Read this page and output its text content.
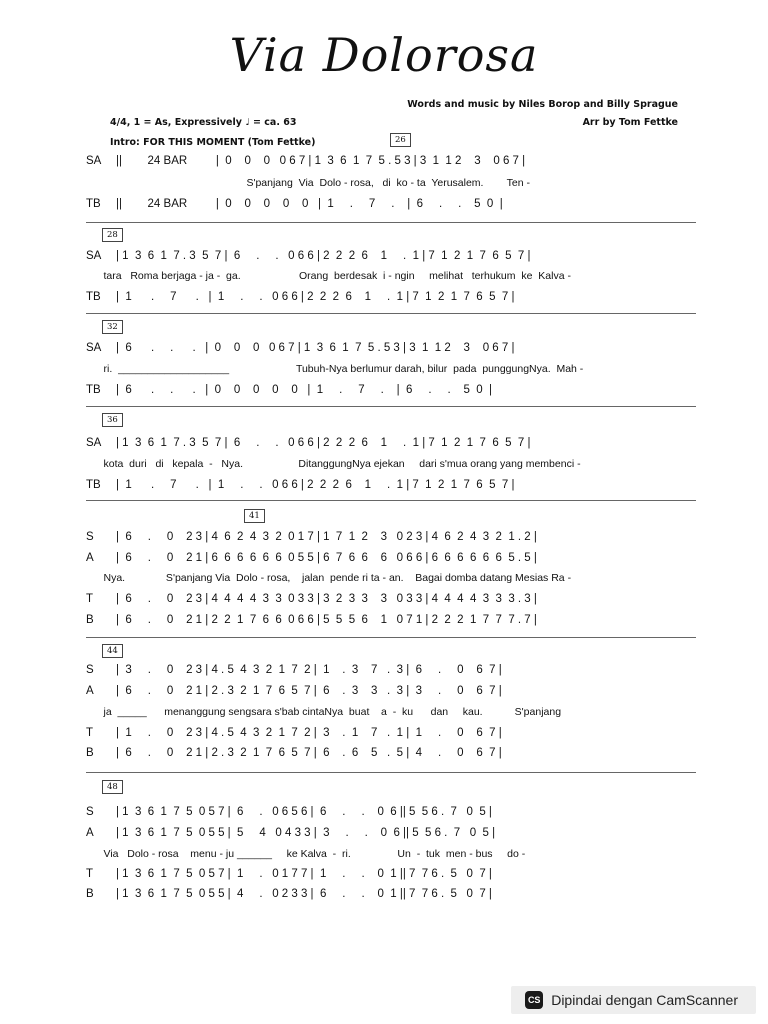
Via Dolorosa
Words and music by Niles Borop and Billy Sprague
4/4, 1 = As, Expressively ♩ = ca. 63	Arr by Tom Fettke
Intro: FOR THIS MOMENT (Tom Fettke)	26
SA ||        24 BAR         |  0    0    0   0 6 7 | 1  3  6  1  7  5 . 5 3 | 3  1  1 2    3    0 6 7 |
S'panjang  Via  Dolo - rosa,   di  ko - ta  Yerusalem.        Ten -
TB ||        24 BAR         |  0    0    0    0    0   |  1     .     7     .    |  6     .     .    5  0  |
28
SA | 1  3  6  1  7 . 3  5  7 |  6     .     .   0 6 6 | 2  2  2  6    1     .  1 | 7  1  2  1  7  6  5  7 |
tara   Roma berjaga - ja -  ga.                    Orang  berdesak  i - ngin     melihat   terhukum  ke  Kalva -
TB |  1      .     7      .   |  1     .     .   0 6 6 | 2  2  2  6    1     .  1 | 7  1  2  1  7  6  5  7 |
32
SA |  6      .     .      .   |  0    0    0   0 6 7 | 1  3  6  1  7  5 . 5 3 | 3  1  1 2    3    0 6 7 |
ri.  ___________________                       Tubuh-Nya berlumur darah, bilur  pada  punggungNya.  Mah -
TB |  6      .     .      .   |  0    0    0    0    0   |  1     .     7     .    |  6     .     .    5  0  |
36
SA | 1  3  6  1  7 . 3  5  7 |  6     .     .   0 6 6 | 2  2  2  6    1     .  1 | 7  1  2  1  7  6  5  7 |
kota  duri   di   kepala  -   Nya.                   DitanggungNya ejekan     dari s'mua orang yang membenci -
TB |  1      .     7      .   |  1     .     .   0 6 6 | 2  2  2  6    1     .  1 | 7  1  2  1  7  6  5  7 |
41
S |  6     .     0    2 3 | 4  6  2  4  3  2  0 1 7 | 1  7  1  2    3   0 2 3 | 4  6  2  4  3  2  1 . 2 |
A |  6     .     0    2 1 | 6  6  6  6  6  6  0 5 5 | 6  7  6  6    6   0 6 6 | 6  6  6  6  6  6  5 . 5 |
Nya.              S'panjang Via  Dolo - rosa,    jalan  pende ri ta - an.    Bagai domba datang Mesias Ra -
T |  6     .     0    2 3 | 4  4  4  4  3  3  0 3 3 | 3  2  3  3    3   0 3 3 | 4  4  4  4  3  3  3 . 3 |
B |  6     .     0    2 1 | 2  2  1  7  6  6  0 6 6 | 5  5  5  6    1   0 7 1 | 2  2  2  1  7  7  7 . 7 |
44
S |  3     .     0    2 3 | 4 . 5  4  3  2  1  7  2 |  1    .  3    7   .  3 |  6     .     0    6  7 |
A |  6     .     0    2 1 | 2 . 3  2  1  7  6  5  7 |  6    .  3    3   .  3 |  3     .     0    6  7 |
ja  _____      menanggung sengsara s'bab cintaNya  buat    a  -  ku      dan     kau.           S'panjang
T |  1     .     0    2 3 | 4 . 5  4  3  2  1  7  2 |  3    .  1    7   .  1 |  1     .     0    6  7 |
B |  6     .     0    2 1 | 2 . 3  2  1  7  6  5  7 |  6    .  6    5   .  5 |  4     .     0    6  7 |
48
S | 1  3  6  1  7  5  0 5 7 |  6     .   0 6 5 6 |  6     .     .    0  6 || 5  5 6 .  7   0  5 |
A | 1  3  6  1  7  5  0 5 5 |  5     4   0 4 3 3 |  3     .     .    0  6 || 5  5 6 .  7   0  5 |
Via   Dolo - rosa    menu - ju ______     ke Kalva  -  ri.                Un  -  tuk  men - bus     do -
T | 1  3  6  1  7  5  0 5 7 |  1     .   0 1 7 7 |  1     .     .    0  1 || 7  7 6 .  5   0  7 |
B | 1  3  6  1  7  5  0 5 5 |  4     .   0 2 3 3 |  6     .     .    0  1 || 7  7 6 .  5   0  7 |
CS Dipindai dengan CamScanner
